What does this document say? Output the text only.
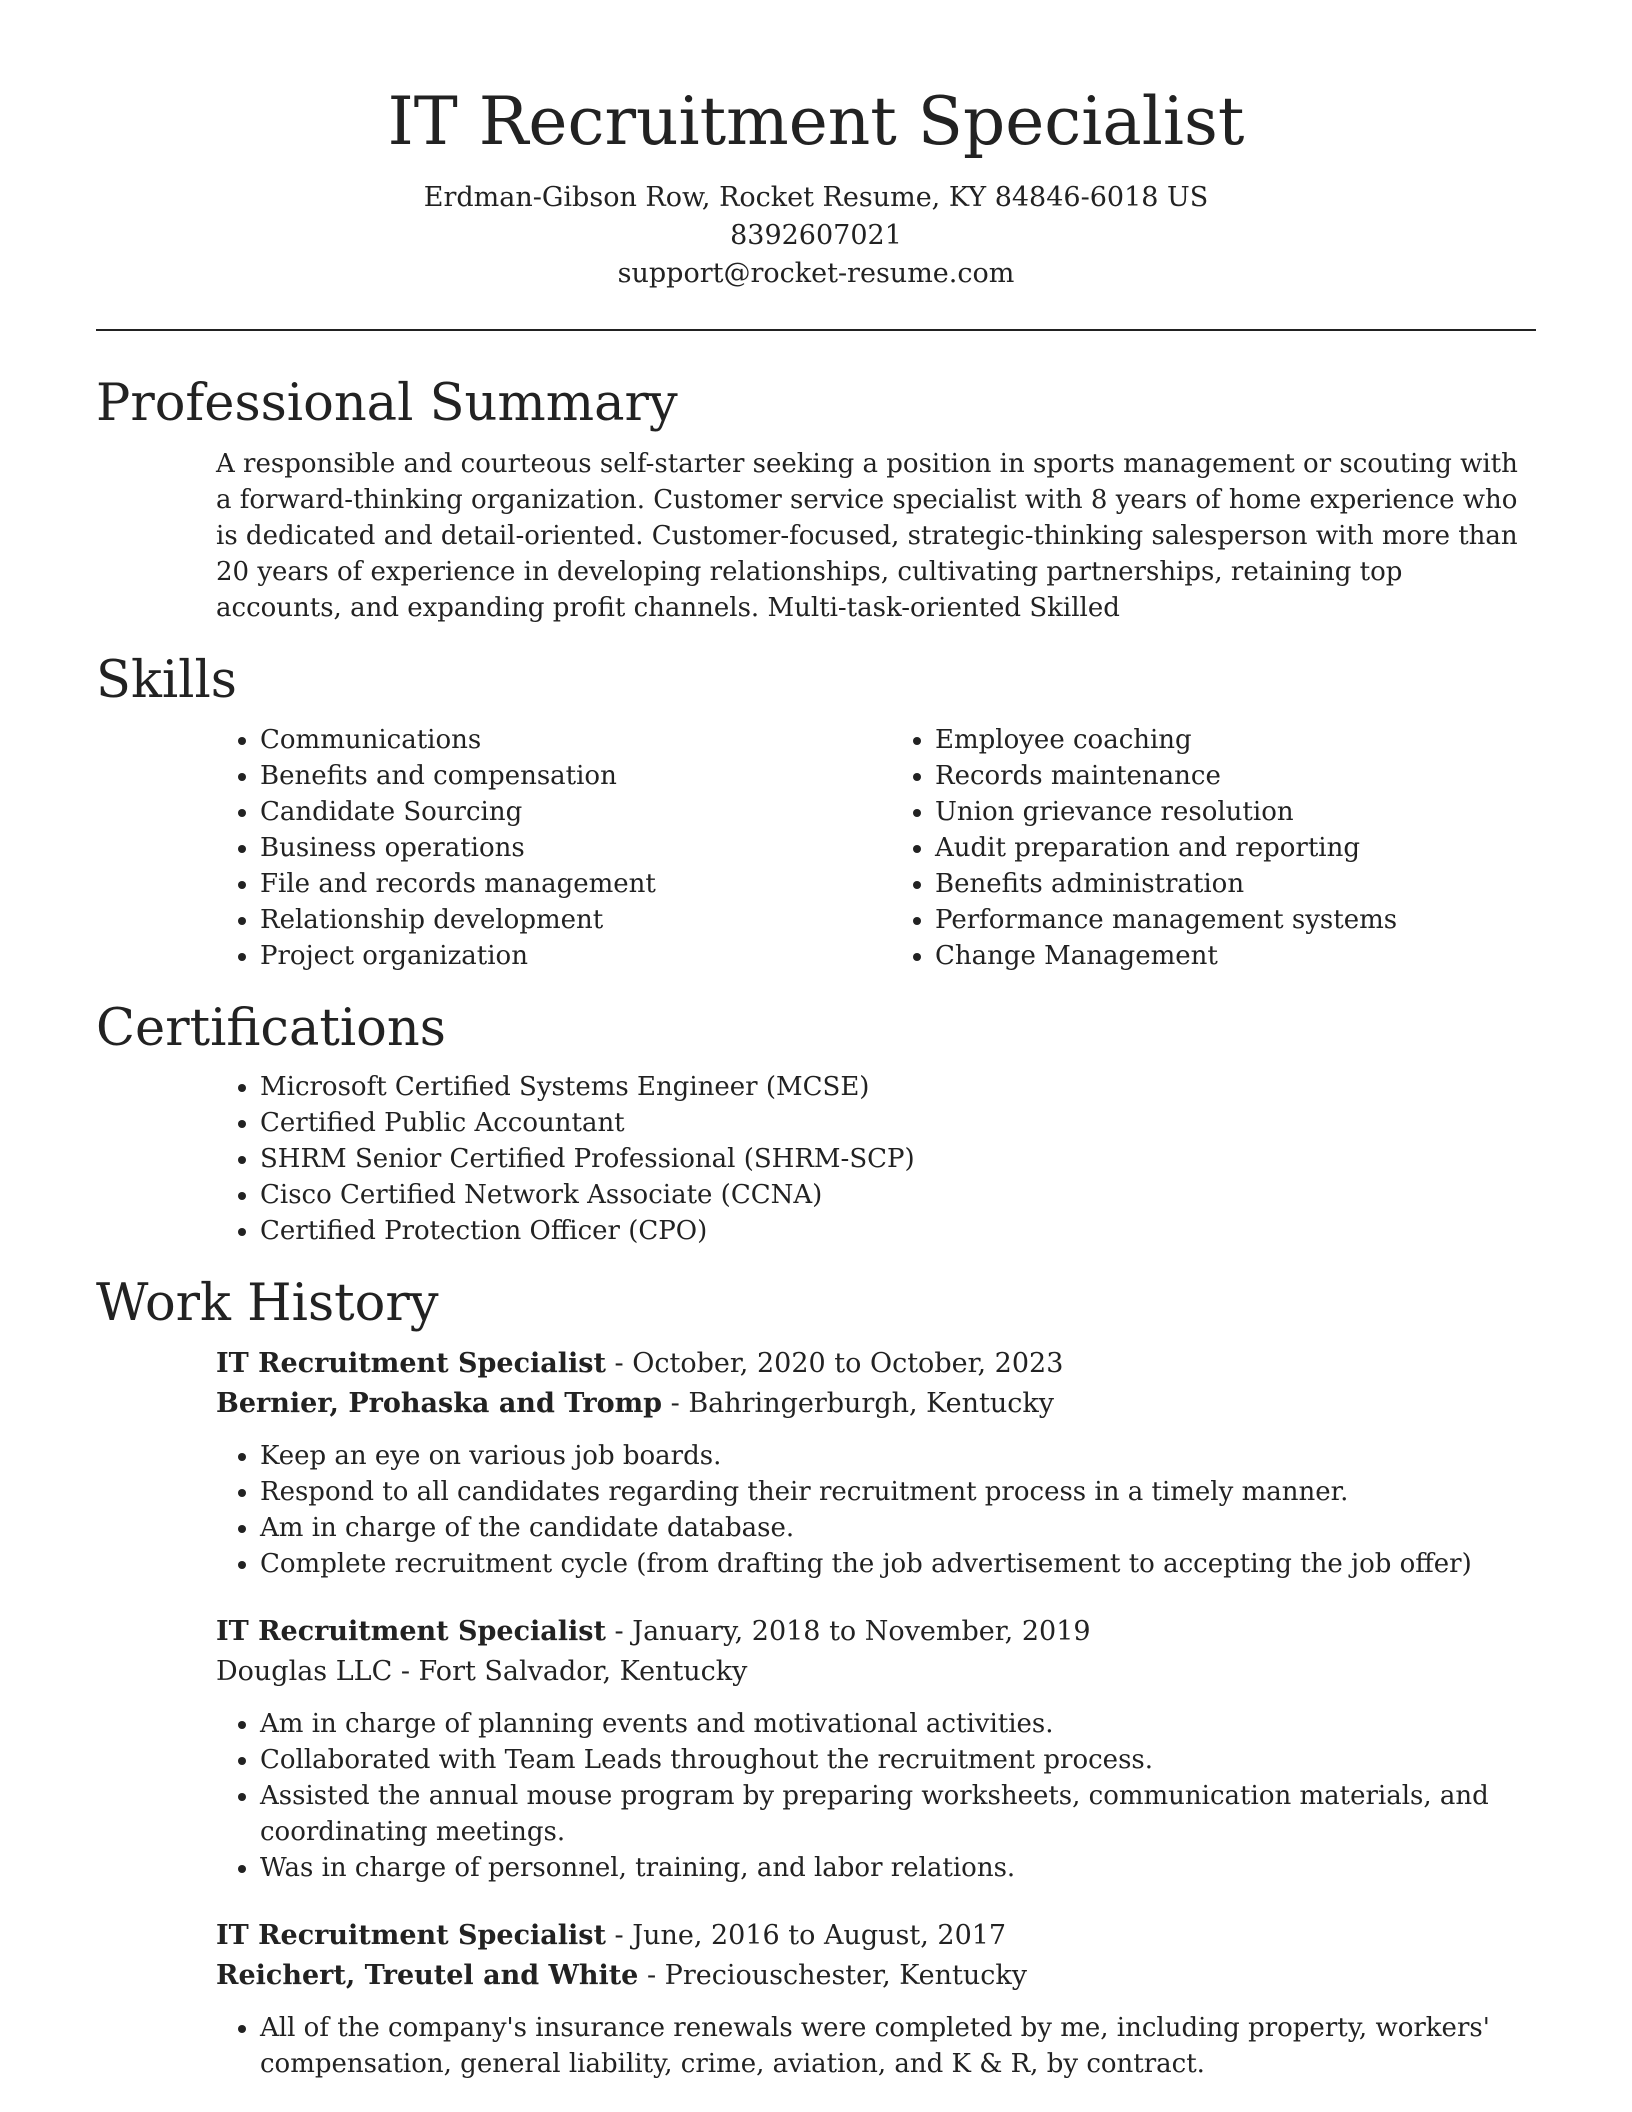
IT Recruitment Specialist
Erdman-Gibson Row, Rocket Resume, KY 84846-6018 US
8392607021
support@rocket-resume.com
Professional Summary
A responsible and courteous self-starter seeking a position in sports management or scouting with a forward-thinking organization. Customer service specialist with 8 years of home experience who is dedicated and detail-oriented. Customer-focused, strategic-thinking salesperson with more than 20 years of experience in developing relationships, cultivating partnerships, retaining top accounts, and expanding profit channels. Multi-task-oriented Skilled
Skills
• Communications
• Benefits and compensation
• Candidate Sourcing
• Business operations
• File and records management
• Relationship development
• Project organization
• Employee coaching
• Records maintenance
• Union grievance resolution
• Audit preparation and reporting
• Benefits administration
• Performance management systems
• Change Management
Certifications
• Microsoft Certified Systems Engineer (MCSE)
• Certified Public Accountant
• SHRM Senior Certified Professional (SHRM-SCP)
• Cisco Certified Network Associate (CCNA)
• Certified Protection Officer (CPO)
Work History
IT Recruitment Specialist - October, 2020 to October, 2023
Bernier, Prohaska and Tromp - Bahringerburgh, Kentucky
• Keep an eye on various job boards.
• Respond to all candidates regarding their recruitment process in a timely manner.
• Am in charge of the candidate database.
• Complete recruitment cycle (from drafting the job advertisement to accepting the job offer)
IT Recruitment Specialist - January, 2018 to November, 2019
Douglas LLC - Fort Salvador, Kentucky
• Am in charge of planning events and motivational activities.
• Collaborated with Team Leads throughout the recruitment process.
• Assisted the annual mouse program by preparing worksheets, communication materials, and coordinating meetings.
• Was in charge of personnel, training, and labor relations.
IT Recruitment Specialist - June, 2016 to August, 2017
Reichert, Treutel and White - Preciouschester, Kentucky
• All of the company's insurance renewals were completed by me, including property, workers' compensation, general liability, crime, aviation, and K & R, by contract.
